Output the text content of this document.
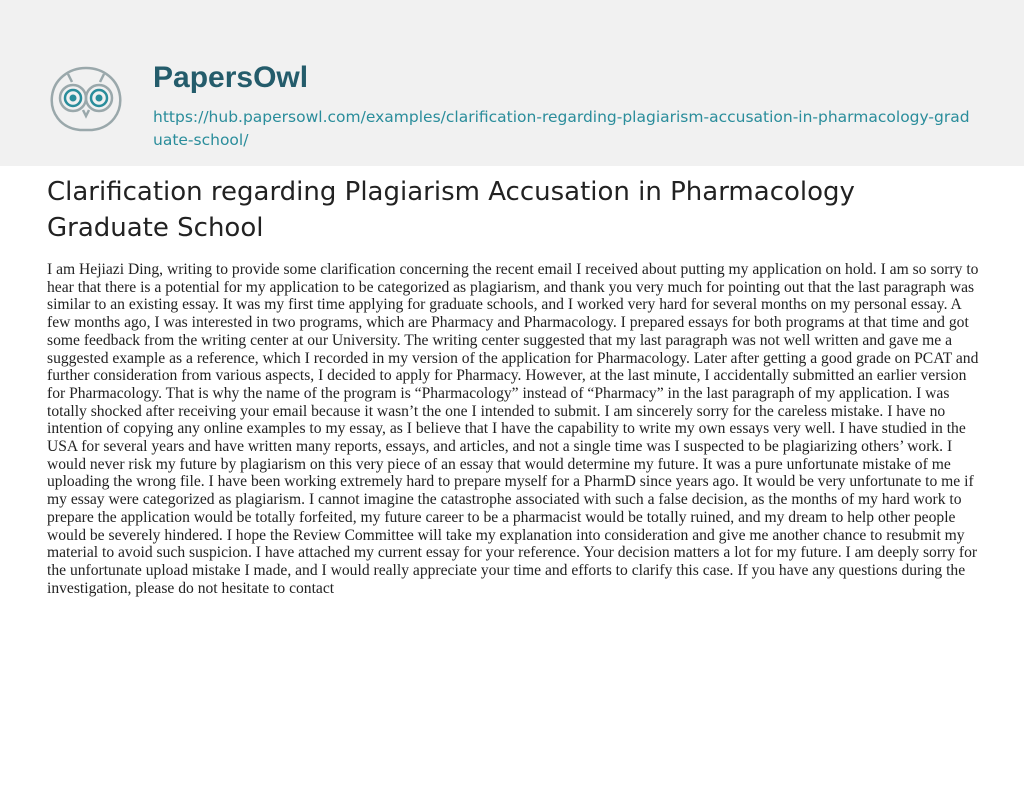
PapersOwl
https://hub.papersowl.com/examples/clarification-regarding-plagiarism-accusation-in-pharmacology-graduate-school/
Clarification regarding Plagiarism Accusation in Pharmacology Graduate School

I am Hejiazi Ding, writing to provide some clarification concerning the recent email I received about putting my application on hold. I am so sorry to hear that there is a potential for my application to be categorized as plagiarism, and thank you very much for pointing out that the last paragraph was similar to an existing essay. It was my first time applying for graduate schools, and I worked very hard for several months on my personal essay. A few months ago, I was interested in two programs, which are Pharmacy and Pharmacology. I prepared essays for both programs at that time and got some feedback from the writing center at our University. The writing center suggested that my last paragraph was not well written and gave me a suggested example as a reference, which I recorded in my version of the application for Pharmacology. Later after getting a good grade on PCAT and further consideration from various aspects, I decided to apply for Pharmacy. However, at the last minute, I accidentally submitted an earlier version for Pharmacology. That is why the name of the program is “Pharmacology” instead of “Pharmacy” in the last paragraph of my application. I was totally shocked after receiving your email because it wasn’t the one I intended to submit. I am sincerely sorry for the careless mistake. I have no intention of copying any online examples to my essay, as I believe that I have the capability to write my own essays very well. I have studied in the USA for several years and have written many reports, essays, and articles, and not a single time was I suspected to be plagiarizing others’ work. I would never risk my future by plagiarism on this very piece of an essay that would determine my future. It was a pure unfortunate mistake of me uploading the wrong file. I have been working extremely hard to prepare myself for a PharmD since years ago. It would be very unfortunate to me if my essay were categorized as plagiarism. I cannot imagine the catastrophe associated with such a false decision, as the months of my hard work to prepare the application would be totally forfeited, my future career to be a pharmacist would be totally ruined, and my dream to help other people would be severely hindered. I hope the Review Committee will take my explanation into consideration and give me another chance to resubmit my material to avoid such suspicion. I have attached my current essay for your reference. Your decision matters a lot for my future. I am deeply sorry for the unfortunate upload mistake I made, and I would really appreciate your time and efforts to clarify this case. If you have any questions during the investigation, please do not hesitate to contact
